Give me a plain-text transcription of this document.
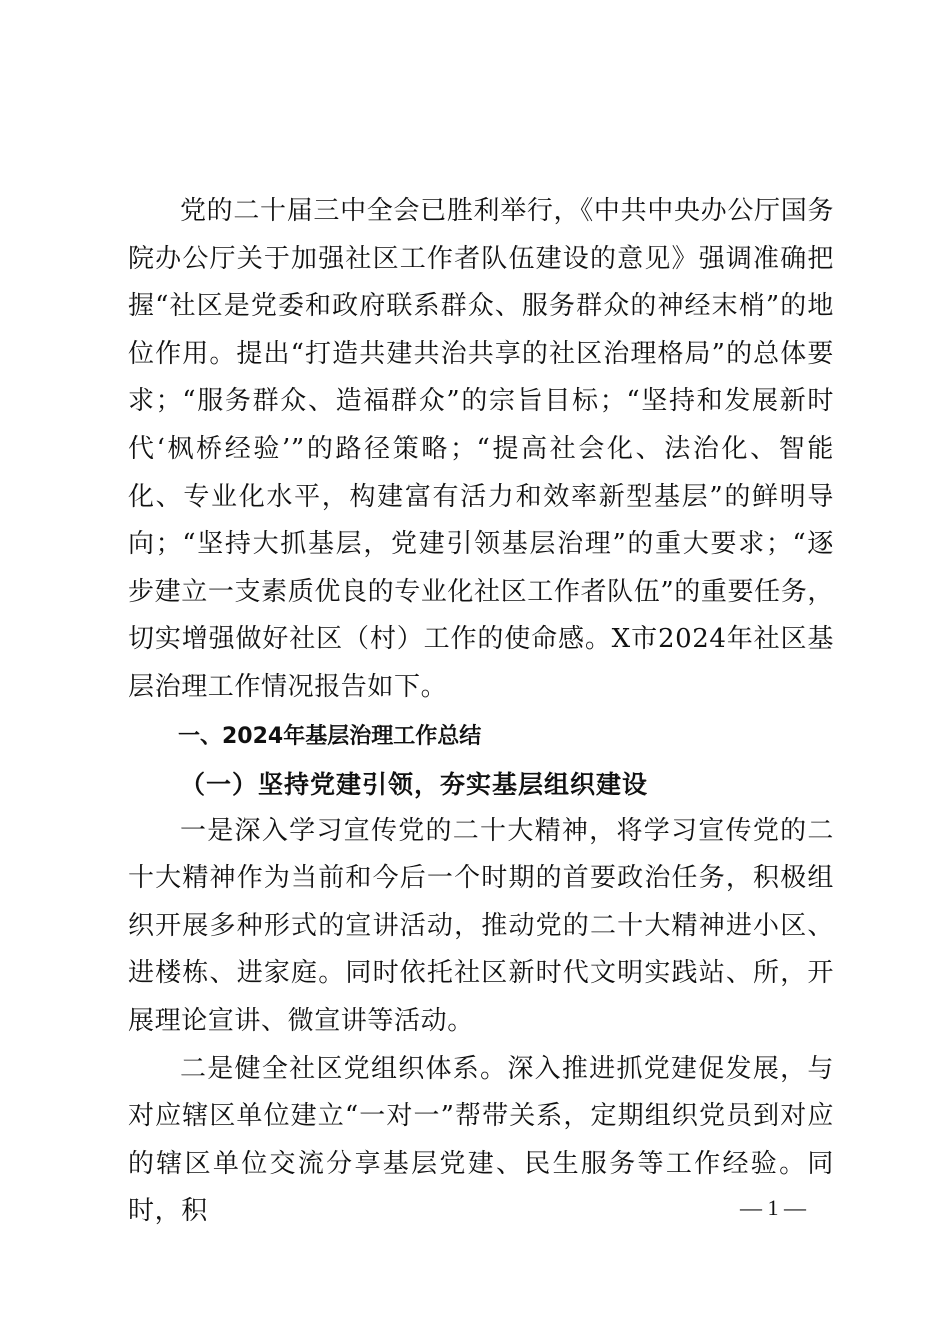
党的二十届三中全会已胜利举行，《中共中央办公厅国务院办公厅关于加强社区工作者队伍建设的意见》强调准确把握“社区是党委和政府联系群众、服务群众的神经末梢”的地位作用。提出“打造共建共治共享的社区治理格局”的总体要求；“服务群众、造福群众”的宗旨目标；“坚持和发展新时代‘枫桥经验’”的路径策略；“提高社会化、法治化、智能化、专业化水平，构建富有活力和效率新型基层”的鲜明导向；“坚持大抓基层，党建引领基层治理”的重大要求；“逐步建立一支素质优良的专业化社区工作者队伍”的重要任务，切实增强做好社区（村）工作的使命感。X市2024年社区基层治理工作情况报告如下。

一、2024年基层治理工作总结
（一）坚持党建引领，夯实基层组织建设

一是深入学习宣传党的二十大精神，将学习宣传党的二十大精神作为当前和今后一个时期的首要政治任务，积极组织开展多种形式的宣讲活动，推动党的二十大精神进小区、进楼栋、进家庭。同时依托社区新时代文明实践站、所，开展理论宣讲、微宣讲等活动。

二是健全社区党组织体系。深入推进抓党建促发展，与对应辖区单位建立“一对一”帮带关系，定期组织党员到对应的辖区单位交流分享基层党建、民生服务等工作经验。同时，积	— 1 —
